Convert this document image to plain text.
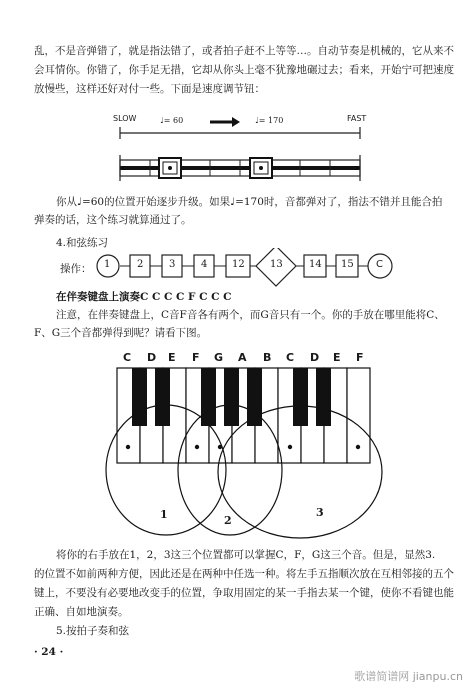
乱，不是音弹错了，就是指法错了，或者拍子赶不上等等…。自动节奏是机械的，它从来不
会耳情你。你错了，你手足无措，它却从你头上毫不犹豫地碾过去；看来，开始宁可把速度
放慢些，这样还好对付一些。下面是速度调节钮：
SLOW	FAST
♩= 60	♩= 170
你从♩=60的位置开始逐步升级。如果♩=170时，音都弹对了，指法不错并且能合拍
弹奏的话，这个练习就算通过了。
4.和弦练习
操作： 1	2	3	4 12	13	14 15 C
在伴奏键盘上演奏C C C C F C C C
注意，在伴奏键盘上，C音F音各有两个，而G音只有一个。你的手放在哪里能将C、
F、G三个音都弹得到呢？请看下图。
C D E F G A B C D E F
1	2
3
将你的右手放在1，2，3这三个位置都可以掌握C，F，G这三个音。但是，显然3.
的位置不如前两种方便，因此还是在两种中任选一种。将左手五指顺次放在互相邻接的五个
键上，不要没有必要地改变手的位置，争取用固定的某一手指去某一个键，使你不看键也能
正确、自如地演奏。
5.按拍子奏和弦
· 24 ·
歌谱简谱网 jianpu.cn
